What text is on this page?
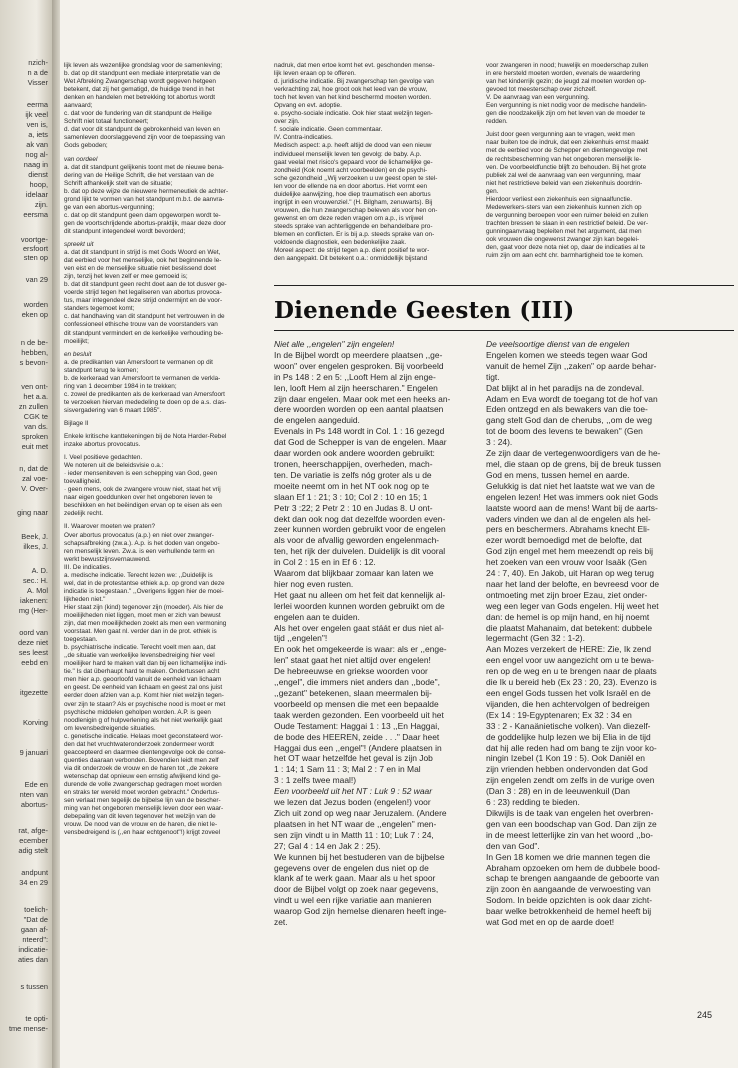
nzich-
n a de
Visser
eerma
ijk veel
ven is,
a, iets
ak van
nog al-
naag in
dienst
hoop,
idelaar
zijn.
eersma
voortge-
ersfoort
sten op
van 29
worden
eken op
n de be-
hebben,
s bevon-
ven ont-
het a.a.
zn zullen
CGK te
van ds.
sproken
euit met
n, dat de
zal voe-
V. Over-
ging naar
Beek, J.
ilkes, J.
A. D.
sec.: H.
A. Mol
iakenen:
mg (Her-
oord van
deze niet
ses leest
eebd en
itgezette
Korving
9 januari
Ede en
nten van
abortus-
rat, afge-
ecember
adig stelt
andpunt
34 en 29
toelich-
"Dat de
gaan af-
nteerd":
indicatie-
aties dan
s tussen
te opti-
tme mense-

lijk leven als wezenlijke grondslag voor de samenleving;

b. dat op dit standpunt een mediale interpretatie van de

Wet Afbreking Zwangerschap wordt gegeven hetgeen

betekent, dat zij het gematigd, de huidige trend in het

denken en handelen met betrekking tot abortus wordt

aanvaard;

c. dat voor de fundering van dit standpunt de Heilige

Schrift niet totaal functioneert;

d. dat voor dit standpunt de gebrokenheid van leven en

samenleven doorslaggevend zijn voor de toepassing van

Gods geboden;

van oordeel

a. dat dit standpunt gelijkenis toont met de nieuwe bena-

dering van de Heilige Schrift, die het verstaan van de

Schrift afhankelijk stelt van de situatie;

b. dat op deze wijze de nieuwere hermeneutiek de achter-

grond lijkt te vormen van het standpunt m.b.t. de aanvra-

ge van een abortus-vergunning;

c. dat op dit standpunt geen dam opgeworpen wordt te-

gen de voortschrijdende abortus-praktijk, maar deze door

dit standpunt integendeel wordt bevorderd;

spreekt uit

a. dat dit standpunt in strijd is met Gods Woord en Wet,

dat eerbied voor het menselijke, ook het beginnende le-

ven eist en de menselijke situatie niet beslissend doet

zijn, tenzij het leven zelf er mee gemoeid is;

b. dat dit standpunt geen recht doet aan de tot dusver ge-

voerde strijd tegen het legaliseren van abortus provoca-

tus, maar integendeel deze strijd ondermijnt en de voor-

standers tegemoet komt;

c. dat handhaving van dit standpunt het vertrouwen in de

confessioneel ethische trouw van de voorstanders van

dit standpunt vermindert en de kerkelijke verhouding be-

moeilijkt;

en besluit

a. de predikanten van Amersfoort te vermanen op dit

standpunt terug te komen;

b. de kerkeraad van Amersfoort te vermanen de verkla-

ring van 1 december 1984 in te trekken;

c. zowel de predikanten als de kerkeraad van Amersfoort

te verzoeken hiervan mededeling te doen op de a.s. clas-

sisvergadering van 6 maart 1985".

Bijlage II

Enkele kritische kanttekeningen bij de Nota Harder-Rebel

inzake abortus provocatus.

I. Veel positieve gedachten.

We noteren uit de beleidsvisie o.a.:

· ieder menseniteven is een schepping van God, geen

toevalligheid.

· geen mens, ook de zwangere vrouw niet, staat het vrij

naar eigen goeddunken over het ongeboren leven te

beschikken en het beëindigen ervan op te eisen als een

zedelijk recht.

II. Waarover moeten we praten?

Over abortus provocatus (a.p.) en niet over zwanger-

schapsafbreking (zw.a.). A.p. is het doden van ongebo-

ren menselijk leven. Zw.a. is een verhullende term en

werkt bewustzijnsvernauwend.

III. De indicaties.

a. medische indicatie. Terecht lezen we: ,,Duidelijk is

wel, dat in de protestantse ethiek a.p. op grond van deze

indicatie is toegestaan." ,,Overigens liggen hier de moei-

lijkheden niet."

Hier staat zijn (kind) tegenover zijn (moeder). Als hier de

moeilijkheden niet liggen, moet men er zich van bewust

zijn, dat men moeilijkheden zoekt als men een vermoning

voorstaat. Men gaat nl. verder dan in de prot. ethiek is

toegestaan.

b. psychiatrische indicatie. Terecht voelt men aan, dat

,,de situatie van werkelijke levensbedreiging hier veel

moeilijker hard te maken valt dan bij een lichamelijke indi-

tie." Is dat überhaupt hard te maken. Ondertussen acht

men hier a.p. geoorloofd vanuit de eenheid van lichaam

en geest. De eenheid van lichaam en geest zal ons juist

eerder doen afzien van a.p. Komt hier niet welzijn tegen-

over zijn te staan? Als er psychische nood is moet er met

psychische middelen geholpen worden. A.P. is geen

noodlenigin g of hulpverlening als het niet werkelijk gaat

om levensbedreigende situaties.

c. genetische indicatie. Helaas moet geconstateerd wor-

den dat het vruchtwateronderzoek zondermeer wordt

geaccepteerd en daarmee dientengevolge ook de conse-

quenties daaraan verbonden. Bovendien leidt men zelf

via dit onderzoek de vrouw en de haren tot ,,de zekere

wetenschap dat opnieuw een ernstig afwijkend kind ge-

durende de volle zwangerschap gedragen moet worden

en straks ter wereld moet worden gebracht." Ondertus-

sen verlaat men tegelijk de bijbelse lijn van de bescher-

ming van het ongeboren menselijk leven door een waar-

debepaling van dit leven tegenover het welzijn van de

vrouw. De nood van de vrouw en de haren, die niet le-

vensbedreigend is (,,en haar echtgenoot"!) krijgt zoveel

nadruk, dat men ertoe komt het evt. geschonden mense-

lijk leven eraan op te offeren.

d. juridische indicatie. Bij zwangerschap ten gevolge van

verkrachting zal, hoe groot ook het leed van de vrouw,

toch het leven van het kind beschermd moeten worden.

Opvang en evt. adoptie.

e. psycho-sociale indicatie. Ook hier staat welzijn tegen-

over zijn.

f. sociale indicatie. Geen commentaar.

IV. Contra-indicaties.

Medisch aspect: a.p. heeft altijd de dood van een nieuw

individueel menselijk leven ten gevolg: de baby. A.p.

gaat veelal met risico's gepaard voor de lichamelijke ge-

zondheid (Kok noemt acht voorbeelden) en de psychi-

sche gezondheid ,,Wij verzoeken u uw geest open te stel-

len voor de ellende na en door abortus. Het vormt een

duidelijke aanwijzing, hoe diep traumatisch een abortus

ingrijpt in een vrouwenziel." (H. Bilgham, zenuwarts). Bij

vrouwen, die hun zwangerschap beleven als voor hen on-

gewenst en om deze reden vragen om a.p., is vrijwel

steeds sprake van achterliggende en behandelbare pro-

blemen en conflicten. Er is bij a.p. steeds sprake van on-

voldoende diagnostiek, een bedenkelijke zaak.

Moreel aspect: de strijd tegen a.p. dient positief te wor-

den aangepakt. Dit betekent o.a.: onmiddellijk bijstand

voor zwangeren in nood; huwelijk en moederschap zullen

in ere hersteld moeten worden, evenals de waardering

van het kinderrijk gezin; de jeugd zal moeten worden op-

gevoed tot meesterschap over zichzelf.

V. De aanvraag van een vergunning.

Een vergunning is niet nodig voor de medische handelin-

gen die noodzakelijk zijn om het leven van de moeder te

redden.

Juist door geen vergunning aan te vragen, wekt men

naar buiten toe de indruk, dat een ziekenhuis ernst maakt

met de eerbied voor de Schepper en dientengevolge met

de rechtsbescherming van het ongeboren menselijk le-

ven. De voorbeeldfunctie blijft zo behouden. Bij het grote

publiek zal wel de aanvraag van een vergunning, maar

niet het restrictieve beleid van een ziekenhuis doordrin-

gen.

Hierdoor verliest een ziekenhuis een signaalfunctie.

Medewerkers-sters van een ziekenhuis kunnen zich op

de vergunning beroepen voor een ruimer beleid en zullen

trachten bressen te slaan in een restrictief beleid. De ver-

gunningaanvraag bepleiten met het argument, dat men

ook vrouwen die ongewenst zwanger zijn kan begelei-

den, gaat voor deze nota niet op, daar de indicaties al te

ruim zijn om aan echt chr. barmhartigheid toe te komen.

Dienende Geesten (III)

Niet alle ,,engelen" zijn engelen!

In de Bijbel wordt op meerdere plaatsen ,,ge-

woon" over engelen gesproken. Bij voorbeeld

in Ps 148 : 2 en 5: ,,Looft Hem al zijn enge-

len, looft Hem al zijn heerscharen." Engelen

zijn daar engelen. Maar ook met een heeks an-

dere woorden worden op een aantal plaatsen

de engelen aangeduid.

Evenals in Ps 148 wordt in Col. 1 : 16 gezegd

dat God de Schepper is van de engelen. Maar

daar worden ook andere woorden gebruikt:

tronen, heerschappijen, overheden, mach-

ten. De variatie is zelfs nóg groter als u de

moeite neemt om in het NT ook nog op te

slaan Ef 1 : 21; 3 : 10; Col 2 : 10 en 15; 1

Petr 3 :22; 2 Petr 2 : 10 en Judas 8. U ont-

dekt dan ook nog dat dezelfde woorden even-

zeer kunnen worden gebruikt voor de engelen

als voor de afvallig geworden engelenmach-

ten, het rijk der duivelen. Duidelijk is dit vooral

in Col 2 : 15 en in Ef 6 : 12.

Waarom dat blijkbaar zomaar kan laten we

hier nog even rusten.

Het gaat nu alleen om het feit dat kennelijk al-

lerlei woorden kunnen worden gebruikt om de

engelen aan te duiden.

Als het over engelen gaat stáát er dus niet al-

tijd ,,engelen"!

En ook het omgekeerde is waar: als er ,,enge-

len" staat gaat het niet altijd over engelen!

De hebreeuwse en griekse woorden voor

,,engel", die immers niet anders dan ,,bode",

,,gezant" betekenen, slaan meermalen bij-

voorbeeld op mensen die met een bepaalde

taak werden gezonden. Een voorbeeld uit het

Oude Testament: Haggai 1 : 13 ,,En Haggai,

de bode des HEEREN, zeide . . ." Daar heet

Haggai dus een ,,engel"! (Andere plaatsen in

het OT waar hetzelfde het geval is zijn Job

1 : 14; 1 Sam 11 : 3; Mal 2 : 7 en in Mal

3 : 1 zelfs twee maal!)

Een voorbeeld uit het NT : Luk 9 : 52 waar

we lezen dat Jezus boden (engelen!) voor

Zich uit zond op weg naar Jeruzalem. (Andere

plaatsen in het NT waar de ,,engelen" men-

sen zijn vindt u in Matth 11 : 10; Luk 7 : 24,

27; Gal 4 : 14 en Jak 2 : 25).

We kunnen bij het bestuderen van de bijbelse

gegevens over de engelen dus niet op de

klank af te werk gaan. Maar als u het spoor

door de Bijbel volgt op zoek naar gegevens,

vindt u wel een rijke variatie aan manieren

waarop God zijn hemelse dienaren heeft inge-

zet.

De veelsoortige dienst van de engelen

Engelen komen we steeds tegen waar God

vanuit de hemel Zijn ,,zaken" op aarde behar-

tigt.

Dat blijkt al in het paradijs na de zondeval.

Adam en Eva wordt de toegang tot de hof van

Eden ontzegd en als bewakers van die toe-

gang stelt God dan de cherubs, ,,om de weg

tot de boom des levens te bewaken" (Gen

3 : 24).

Ze zijn daar de vertegenwoordigers van de he-

mel, die staan op de grens, bij de breuk tussen

God en mens, tussen hemel en aarde.

Gelukkig is dat niet het laatste wat we van de

engelen lezen! Het was immers ook niet Gods

laatste woord aan de mens! Want bij de aarts-

vaders vinden we dan al de engelen als hel-

pers en beschermers. Abrahams knecht Eli-

ezer wordt bemoedigd met de belofte, dat

God zijn engel met hem meezendt op reis bij

het zoeken van een vrouw voor Isaäk (Gen

24 : 7, 40). En Jakob, uit Haran op weg terug

naar het land der belofte, en bevreesd voor de

ontmoeting met zijn broer Ezau, ziet onder-

weg een leger van Gods engelen. Hij weet het

dan: de hemel is op mijn hand, en hij noemt

die plaatst Mahanaim, dat betekent: dubbele

legermacht (Gen 32 : 1-2).

Aan Mozes verzekert de HERE: Zie, Ik zend

een engel voor uw aangezicht om u te bewa-

ren op de weg en u te brengen naar de plaats

die Ik u bereid heb (Ex 23 : 20, 23). Evenzo is

een engel Gods tussen het volk Israël en de

vijanden, die hen achtervolgen of bedreigen

(Ex 14 : 19-Egyptenaren; Ex 32 : 34 en

33 : 2 - Kanaänietische volken). Van diezelf-

de goddelijke hulp lezen we bij Elia in de tijd

dat hij alle reden had om bang te zijn voor ko-

ningin Izebel (1 Kon 19 : 5). Ook Daniël en

zijn vrienden hebben ondervonden dat God

zijn engelen zendt om zelfs in de vurige oven

(Dan 3 : 28) en in de leeuwenkuil (Dan

6 : 23) redding te bieden.

Dikwijls is de taak van engelen het overbren-

gen van een boodschap van God. Dan zijn ze

in de meest letterlijke zin van het woord ,,bo-

den van God".

In Gen 18 komen we drie mannen tegen die

Abraham opzoeken om hem de dubbele bood-

schap te brengen aangaande de geboorte van

zijn zoon èn aangaande de verwoesting van

Sodom. In beide opzichten is ook daar zicht-

baar welke betrokkenheid de hemel heeft bij

wat God met en op de aarde doet!

245
